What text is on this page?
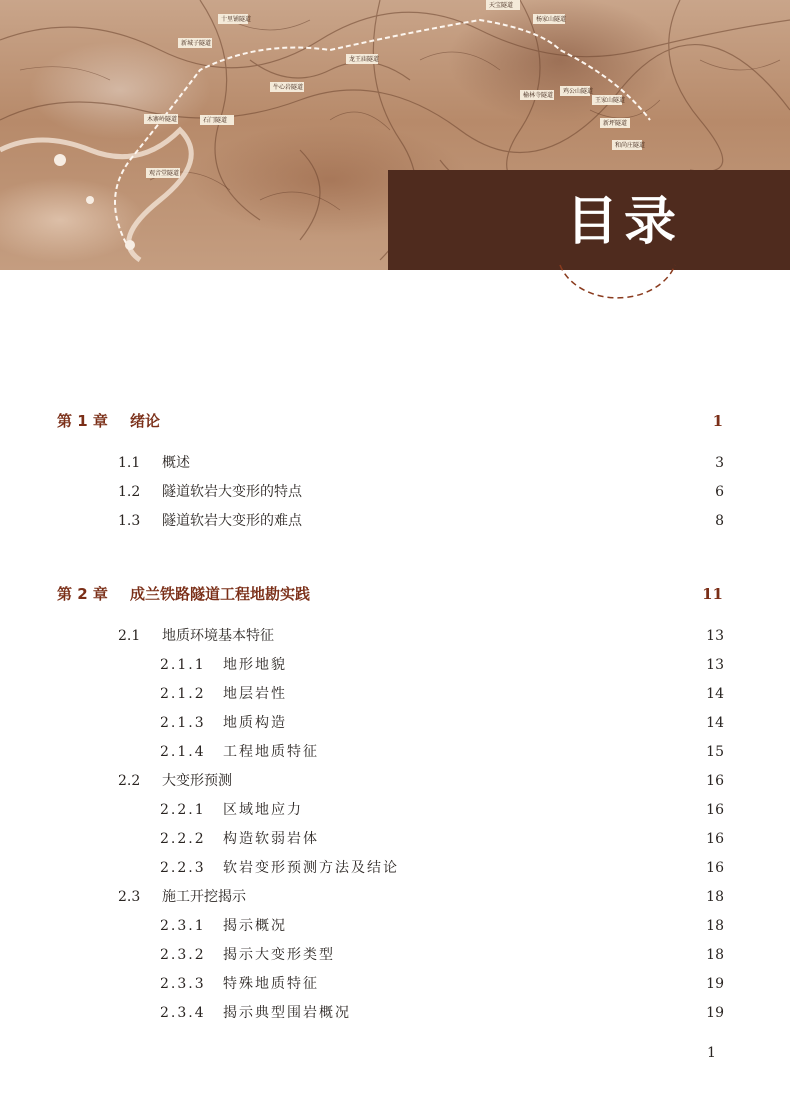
天宝隧道
杨家山隧道
十里铺隧道
新城子隧道
龙王庙隧道
牛心岩隧道
榆林寺隧道
鸡公山隧道
王家山隧道
石门隧道
木寨岭隧道
新坪隧道
观音堂隧道
和尚庄隧道
目录
第 1 章 绪论	1
1.1 概述	3
1.2 隧道软岩大变形的特点	6
1.3 隧道软岩大变形的难点	8
第 2 章 成兰铁路隧道工程地勘实践	11
2.1 地质环境基本特征	13
2.1.1 地形地貌	13
2.1.2 地层岩性	14
2.1.3 地质构造	14
2.1.4 工程地质特征	15
2.2 大变形预测	16
2.2.1 区域地应力	16
2.2.2 构造软弱岩体	16
2.2.3 软岩变形预测方法及结论	16
2.3 施工开挖揭示	18
2.3.1 揭示概况	18
2.3.2 揭示大变形类型	18
2.3.3 特殊地质特征	19
2.3.4 揭示典型围岩概况	19
1
